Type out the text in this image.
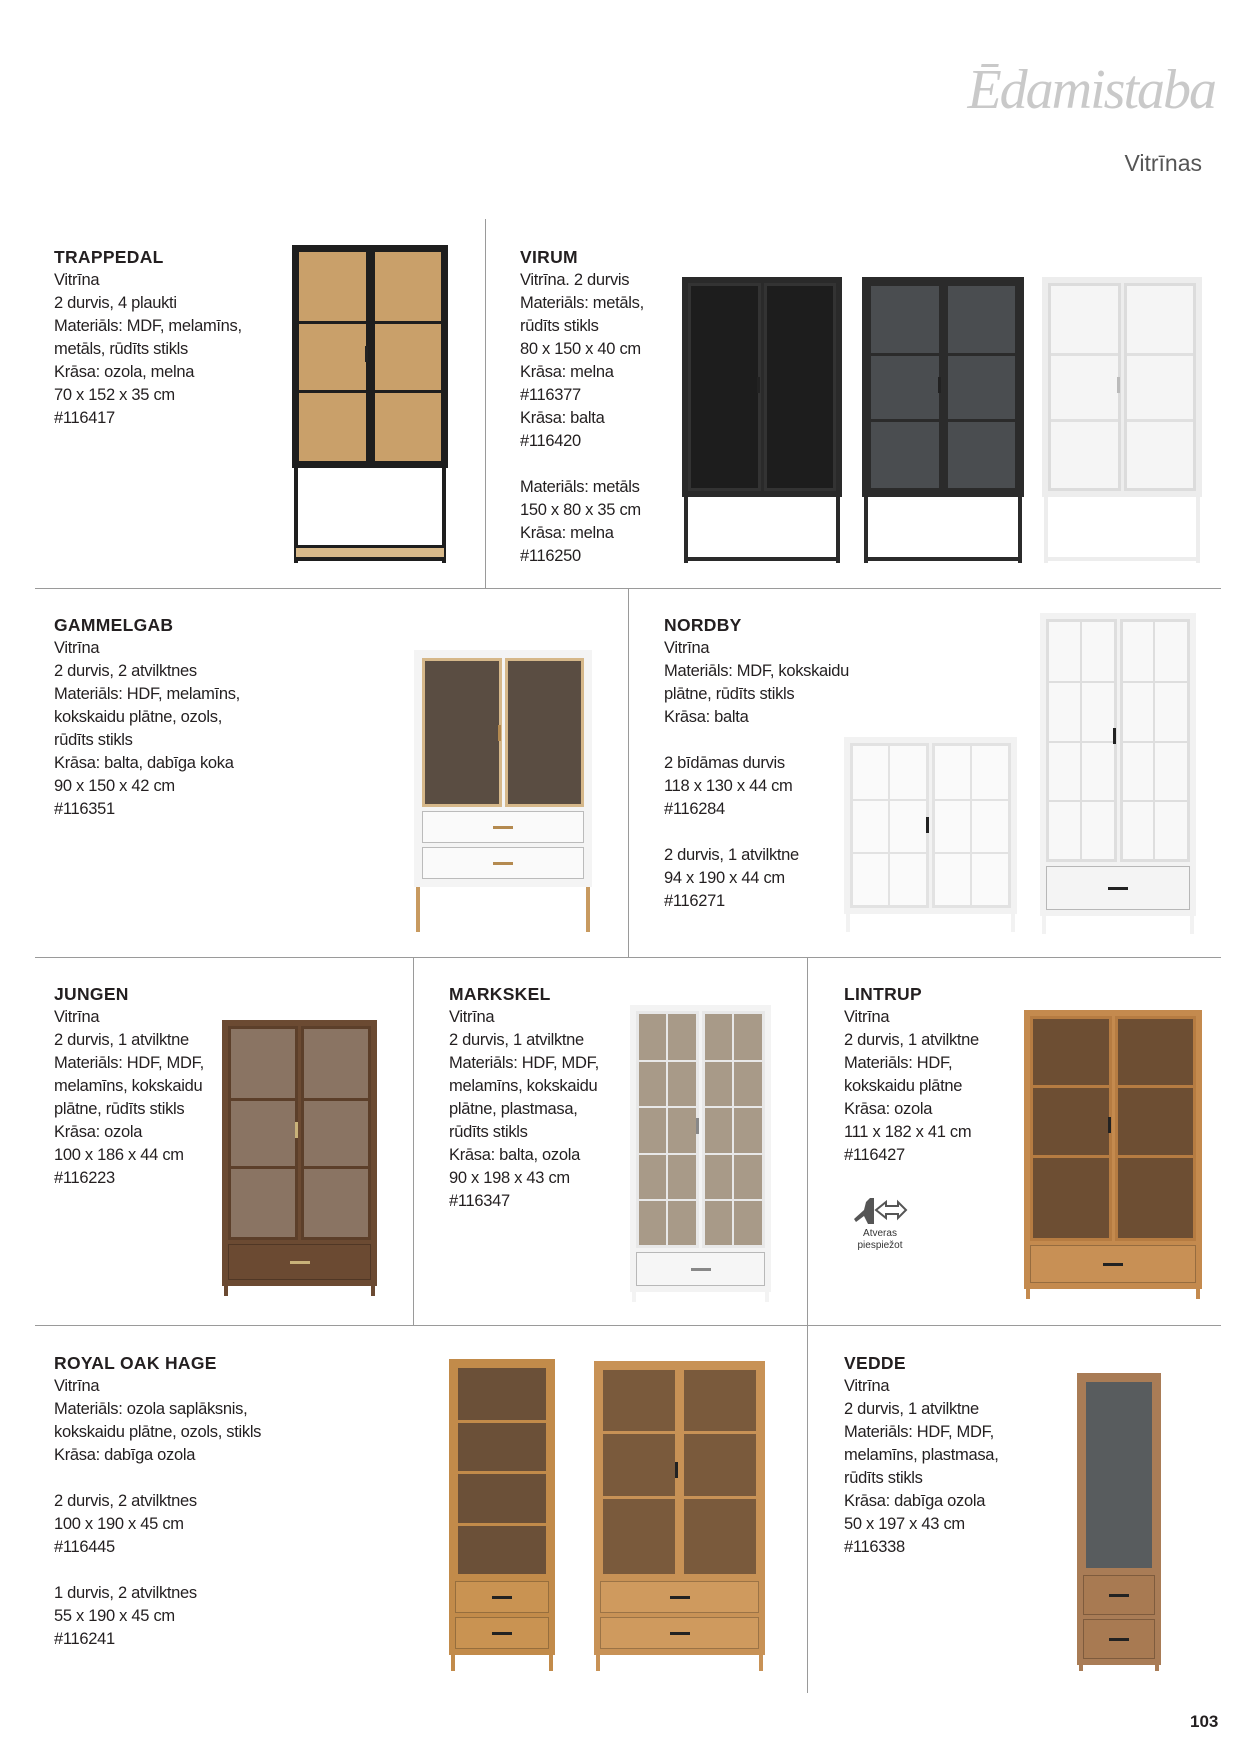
Ēdamistaba
Vitrīnas
TRAPPEDAL
Vitrīna
2 durvis, 4 plaukti
Materiāls: MDF, melamīns,
metāls, rūdīts stikls
Krāsa: ozola, melna
70 x 152 x 35 cm
#116417
VIRUM
Vitrīna. 2 durvis
Materiāls: metāls,
rūdīts stikls
80 x 150 x 40 cm
Krāsa: melna
#116377
Krāsa: balta
#116420
Materiāls: metāls
150 x 80 x 35 cm
Krāsa: melna
#116250
GAMMELGAB
Vitrīna
2 durvis, 2 atvilktnes
Materiāls: HDF, melamīns,
kokskaidu plātne, ozols,
rūdīts stikls
Krāsa: balta, dabīga koka
90 x 150 x 42 cm
#116351
NORDBY
Vitrīna
Materiāls: MDF, kokskaidu
plātne, rūdīts stikls
Krāsa: balta
2 bīdāmas durvis
118 x 130 x 44 cm
#116284
2 durvis, 1 atvilktne
94 x 190 x 44 cm
#116271
JUNGEN
Vitrīna
2 durvis, 1 atvilktne
Materiāls: HDF, MDF,
melamīns, kokskaidu
plātne, rūdīts stikls
Krāsa: ozola
100 x 186 x 44 cm
#116223
MARKSKEL
Vitrīna
2 durvis, 1 atvilktne
Materiāls: HDF, MDF,
melamīns, kokskaidu
plātne, plastmasa,
rūdīts stikls
Krāsa: balta, ozola
90 x 198 x 43 cm
#116347
LINTRUP
Vitrīna
2 durvis, 1 atvilktne
Materiāls: HDF,
kokskaidu plātne
Krāsa: ozola
111 x 182 x 41 cm
#116427
ROYAL OAK HAGE
Vitrīna
Materiāls: ozola saplāksnis,
kokskaidu plātne, ozols, stikls
Krāsa: dabīga ozola
2 durvis, 2 atvilktnes
100 x 190 x 45 cm
#116445
1 durvis, 2 atvilktnes
55 x 190 x 45 cm
#116241
VEDDE
Vitrīna
2 durvis, 1 atvilktne
Materiāls: HDF, MDF,
melamīns, plastmasa,
rūdīts stikls
Krāsa: dabīga ozola
50 x 197 x 43 cm
#116338
Atveras
piespiežot
103
